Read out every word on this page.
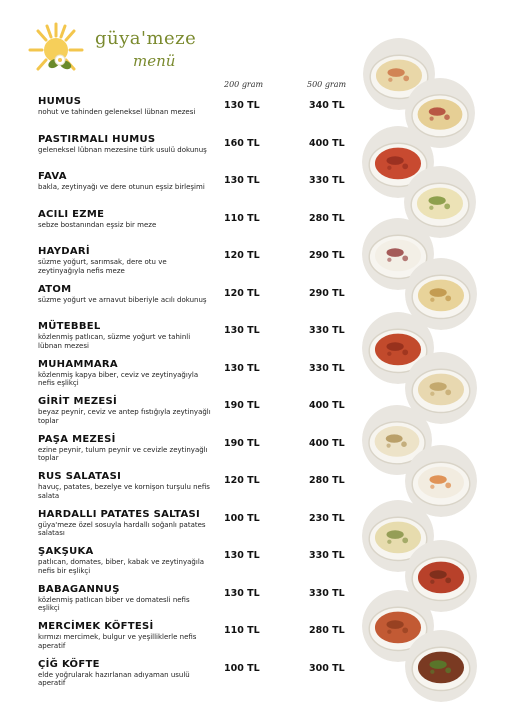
güya'meze
menü
200 gram	500 gram
HUMUS
nohut ve tahinden geleneksel lübnan mezesi
130 TL	340 TL
PASTIRMALI HUMUS
geleneksel lübnan mezesine türk usulü dokunuş
160 TL	400 TL
FAVA
bakla, zeytinyağı ve dere otunun eşsiz birleşimi
130 TL	330 TL
ACILI EZME
sebze bostanından eşsiz bir meze
110 TL	280 TL
HAYDARİ
süzme yoğurt, sarımsak, dere otu ve zeytinyağıyla nefis meze
120 TL	290 TL
ATOM
süzme yoğurt ve arnavut biberiyle acılı dokunuş
120 TL	290 TL
MÜTEBBEL
közlenmiş patlıcan, süzme yoğurt ve tahinli lübnan mezesi
130 TL	330 TL
MUHAMMARA
közlenmiş kapya biber, ceviz ve zeytinyağıyla nefis eşlikçi
130 TL	330 TL
GİRİT MEZESİ
beyaz peynir, ceviz ve antep fıstığıyla zeytinyağlı toplar
190 TL	400 TL
PAŞA MEZESİ
ezine peynir, tulum peynir ve cevizle zeytinyağlı toplar
190 TL	400 TL
RUS SALATASI
havuç, patates, bezelye ve kornişon turşulu nefis salata
120 TL	280 TL
HARDALLI PATATES SALTASI
güya'meze özel sosuyla hardallı soğanlı patates salatası
100 TL	230 TL
ŞAKŞUKA
patlıcan, domates, biber, kabak ve zeytinyağıla nefis bir eşlikçi
130 TL	330 TL
BABAGANNUŞ
közlenmiş patlıcan biber ve domatesli nefis eşlikçi
130 TL	330 TL
MERCİMEK KÖFTESİ
kırmızı mercimek, bulgur ve yeşilliklerle nefis aperatif
110 TL	280 TL
ÇİĞ KÖFTE
elde yoğrularak hazırlanan adıyaman usulü aperatif
100 TL	300 TL
